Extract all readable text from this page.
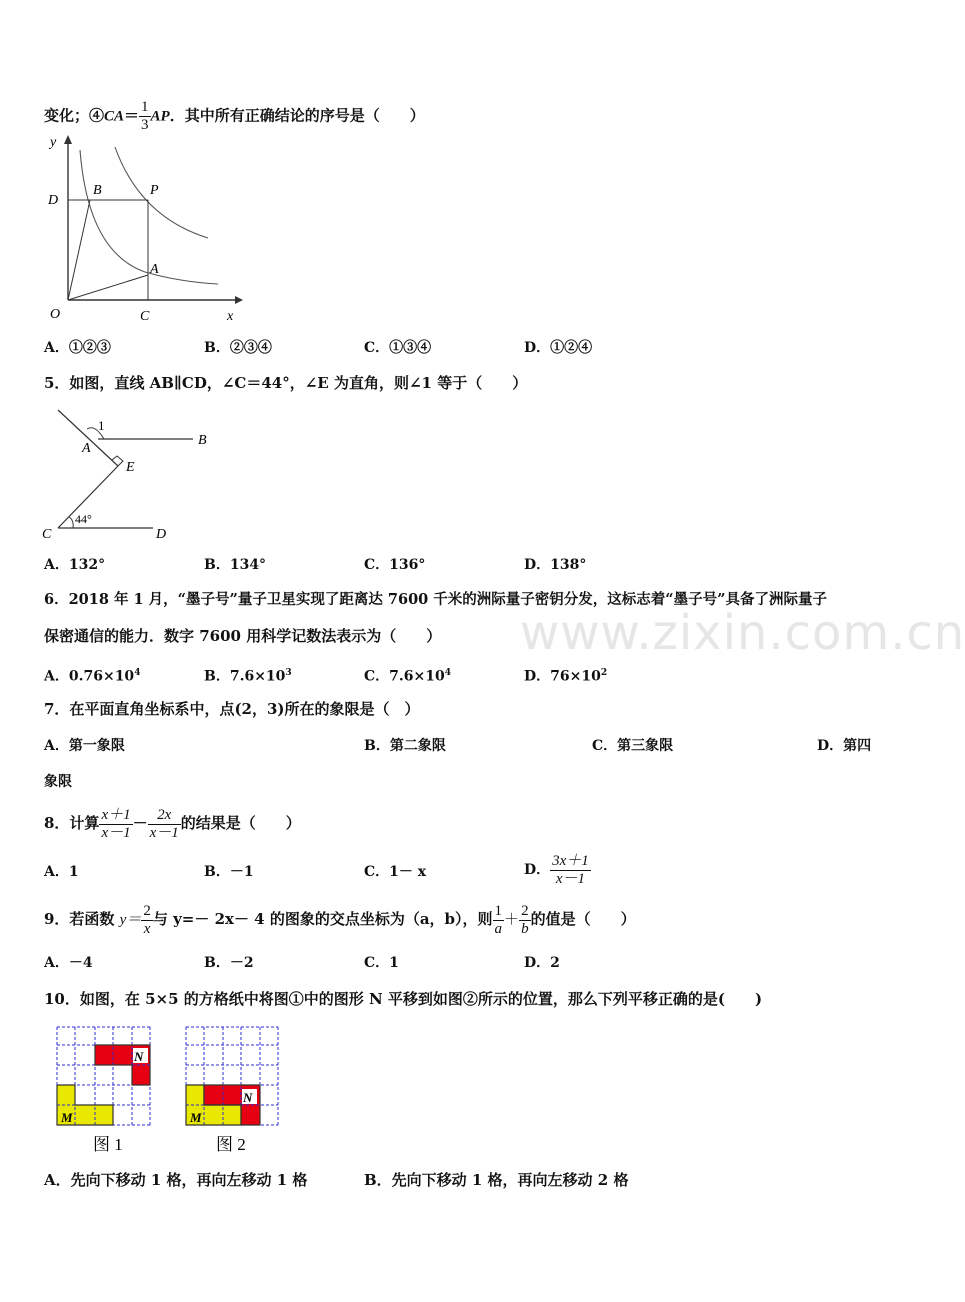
www.zixin.com.cn
变化；④CA＝ $\frac{1}{3}$ AP．其中所有正确结论的序号是（　　）
y
x
O
D
B	P
A
C
A．①②③	B．②③④	C．①③④	D．①②④
5．如图，直线 AB∥CD，∠C＝44°，∠E 为直角，则∠1 等于（　　）
1
A
B
E
C	D
44°
A．132°	B．134°	C．136°	D．138°
6．2018 年 1 月，“墨子号”量子卫星实现了距离达 7600 千米的洲际量子密钥分发，这标志着“墨子号”具备了洲际量子
保密通信的能力．数字 7600 用科学记数法表示为（　　）
A．$0.76\times 10^4$	B．$7.6\times 10^3$	C．$7.6\times 10^4$	D．$76\times 10^2$
7．在平面直角坐标系中，点(2，3)所在的象限是（　）
A．第一象限	B．第二象限	C．第三象限	D．第四
象限
8．计算 $\frac{x+1}{x-1} - \frac{2x}{x-1}$ 的结果是（　　）
A．1	B．－1	C．1－ x	D． $\frac{3x+1}{x-1}$
9．若函数 $y= \frac{2}{x}$ 与 y=－ 2x－ 4 的图象的交点坐标为（a，b），则 $\frac{1}{a} + \frac{2}{b}$ 的值是（　　）
A．－4	B．－2	C．1	D．2
10．如图，在 5×5 的方格纸中将图①中的图形 N 平移到如图②所示的位置，那么下列平移正确的是(　　)
N
M
图 1
N
M
图 2
A．先向下移动 1 格，再向左移动 1 格	B．先向下移动 1 格，再向左移动 2 格
